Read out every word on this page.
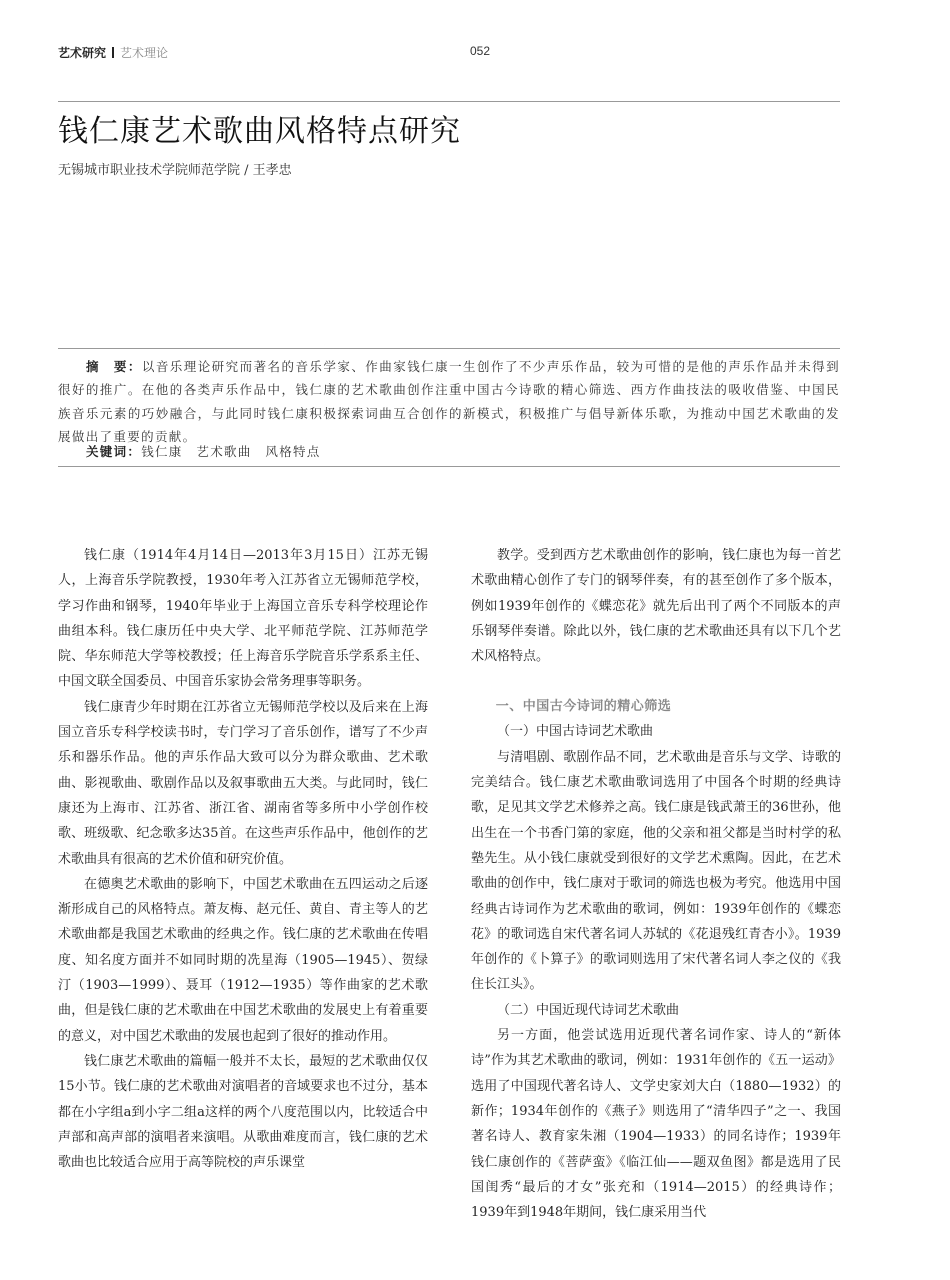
艺术研究 艺术理论	052
钱仁康艺术歌曲风格特点研究
无锡城市职业技术学院师范学院 / 王孝忠
摘　要：以音乐理论研究而著名的音乐学家、作曲家钱仁康一生创作了不少声乐作品，较为可惜的是他的声乐作品并未得到很好的推广。在他的各类声乐作品中，钱仁康的艺术歌曲创作注重中国古今诗歌的精心筛选、西方作曲技法的吸收借鉴、中国民族音乐元素的巧妙融合，与此同时钱仁康积极探索词曲互合创作的新模式，积极推广与倡导新体乐歌，为推动中国艺术歌曲的发展做出了重要的贡献。
关键词：钱仁康　艺术歌曲　风格特点

钱仁康（1914年4月14日—2013年3月15日）江苏无锡人，上海音乐学院教授，1930年考入江苏省立无锡师范学校，学习作曲和钢琴，1940年毕业于上海国立音乐专科学校理论作曲组本科。钱仁康历任中央大学、北平师范学院、江苏师范学院、华东师范大学等校教授；任上海音乐学院音乐学系系主任、中国文联全国委员、中国音乐家协会常务理事等职务。

钱仁康青少年时期在江苏省立无锡师范学校以及后来在上海国立音乐专科学校读书时，专门学习了音乐创作，谱写了不少声乐和器乐作品。他的声乐作品大致可以分为群众歌曲、艺术歌曲、影视歌曲、歌剧作品以及叙事歌曲五大类。与此同时，钱仁康还为上海市、江苏省、浙江省、湖南省等多所中小学创作校歌、班级歌、纪念歌多达35首。在这些声乐作品中，他创作的艺术歌曲具有很高的艺术价值和研究价值。

在德奥艺术歌曲的影响下，中国艺术歌曲在五四运动之后逐渐形成自己的风格特点。萧友梅、赵元任、黄自、青主等人的艺术歌曲都是我国艺术歌曲的经典之作。钱仁康的艺术歌曲在传唱度、知名度方面并不如同时期的冼星海（1905—1945）、贺绿汀（1903—1999）、聂耳（1912—1935）等作曲家的艺术歌曲，但是钱仁康的艺术歌曲在中国艺术歌曲的发展史上有着重要的意义，对中国艺术歌曲的发展也起到了很好的推动作用。

钱仁康艺术歌曲的篇幅一般并不太长，最短的艺术歌曲仅仅15小节。钱仁康的艺术歌曲对演唱者的音域要求也不过分，基本都在小字组a到小字二组a这样的两个八度范围以内，比较适合中声部和高声部的演唱者来演唱。从歌曲难度而言，钱仁康的艺术歌曲也比较适合应用于高等院校的声乐课堂

教学。受到西方艺术歌曲创作的影响，钱仁康也为每一首艺术歌曲精心创作了专门的钢琴伴奏，有的甚至创作了多个版本，例如1939年创作的《蝶恋花》就先后出刊了两个不同版本的声乐钢琴伴奏谱。除此以外，钱仁康的艺术歌曲还具有以下几个艺术风格特点。

一、中国古今诗词的精心筛选

（一）中国古诗词艺术歌曲

与清唱剧、歌剧作品不同，艺术歌曲是音乐与文学、诗歌的完美结合。钱仁康艺术歌曲歌词选用了中国各个时期的经典诗歌，足见其文学艺术修养之高。钱仁康是钱武萧王的36世孙，他出生在一个书香门第的家庭，他的父亲和祖父都是当时村学的私塾先生。从小钱仁康就受到很好的文学艺术熏陶。因此，在艺术歌曲的创作中，钱仁康对于歌词的筛选也极为考究。他选用中国经典古诗词作为艺术歌曲的歌词，例如：1939年创作的《蝶恋花》的歌词选自宋代著名词人苏轼的《花退残红青杏小》。1939年创作的《卜算子》的歌词则选用了宋代著名词人李之仪的《我住长江头》。

（二）中国近现代诗词艺术歌曲

另一方面，他尝试选用近现代著名词作家、诗人的“新体诗”作为其艺术歌曲的歌词，例如：1931年创作的《五一运动》选用了中国现代著名诗人、文学史家刘大白（1880—1932）的新作；1934年创作的《燕子》则选用了“清华四子”之一、我国著名诗人、教育家朱湘（1904—1933）的同名诗作；1939年钱仁康创作的《菩萨蛮》《临江仙——题双鱼图》都是选用了民国闺秀“最后的才女”张充和（1914—2015）的经典诗作；1939年到1948年期间，钱仁康采用当代
